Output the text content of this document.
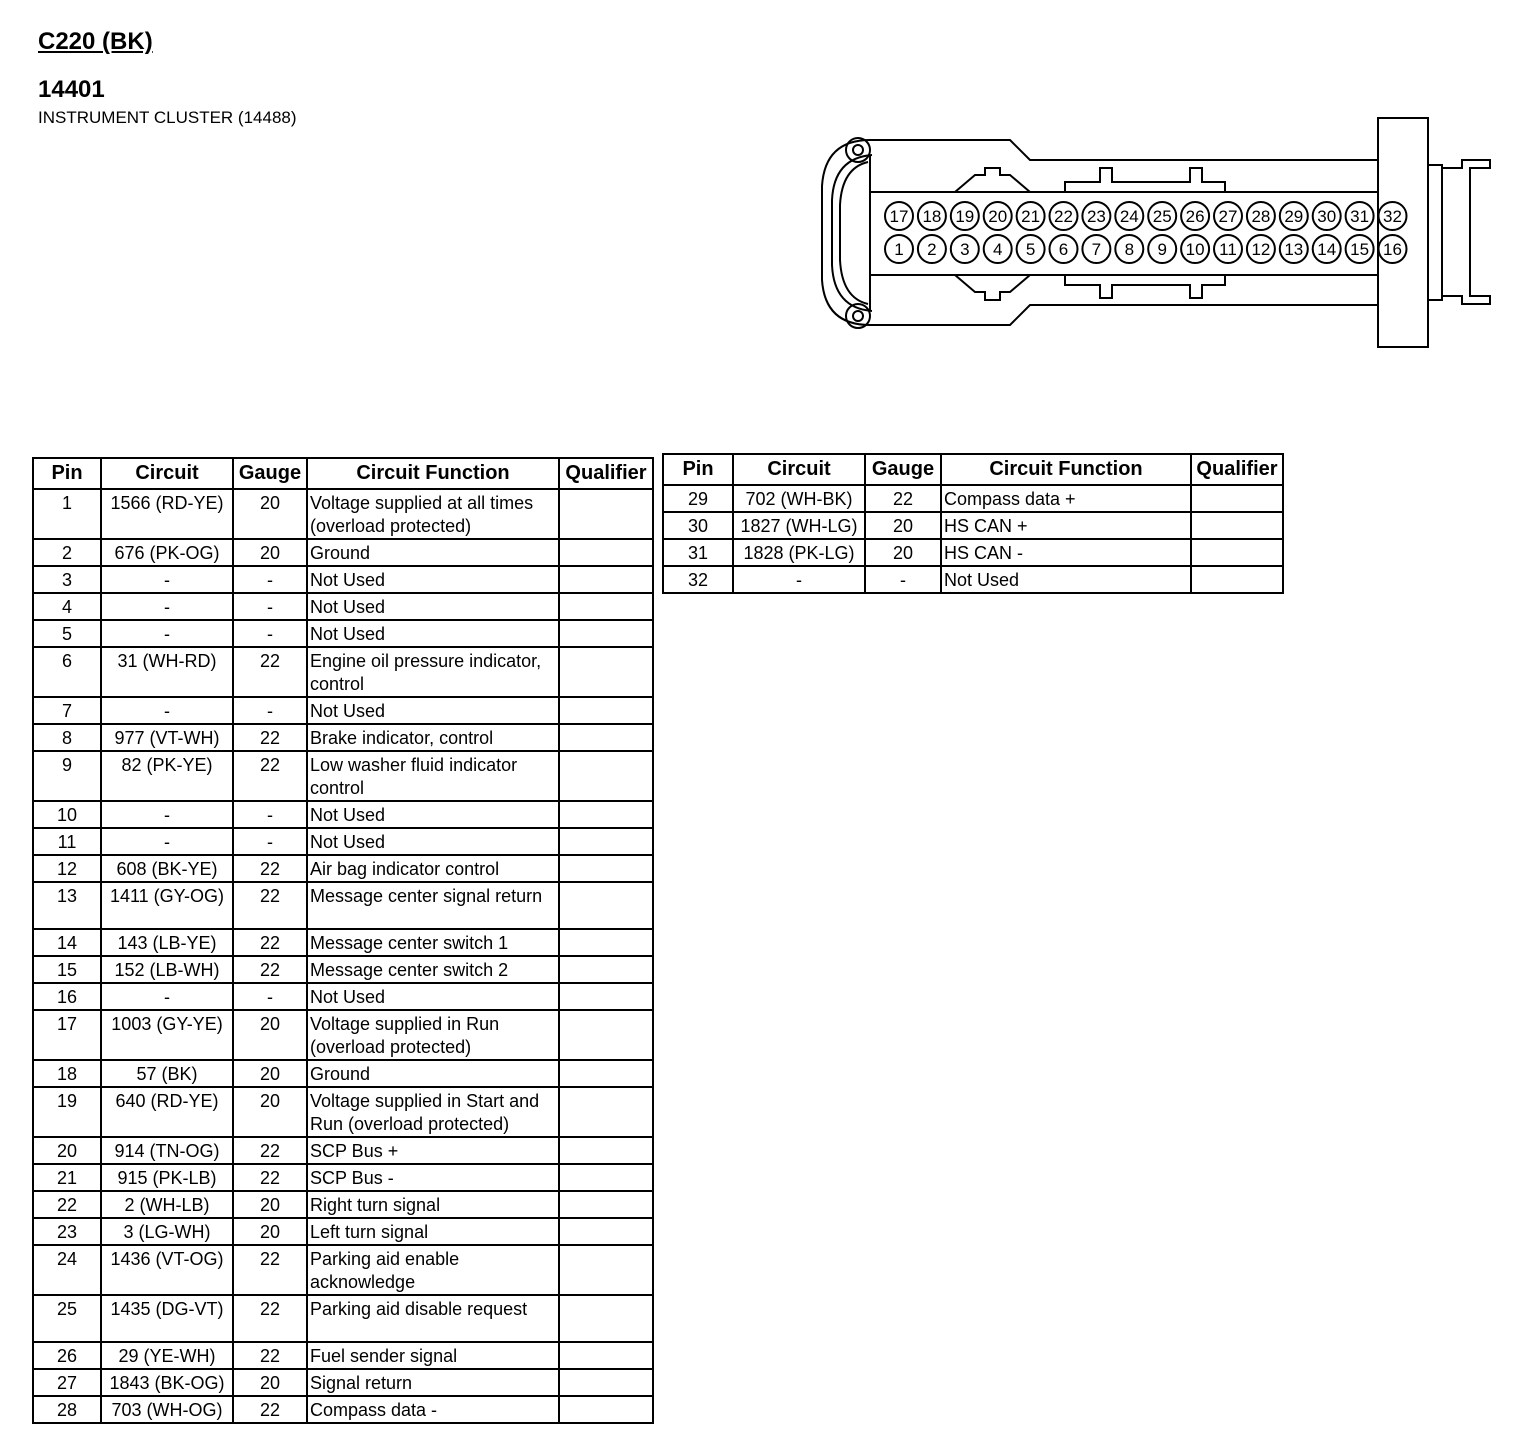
C220 (BK)
14401
INSTRUMENT CLUSTER (14488)
17 18 19 20 21 22 23 24 25 26 27 28 29 30 31 32
1 2 3 4 5 6 7 8 9 10 11 12 13 14 15 16
Pin	Circuit	Gauge	Circuit Function	Qualifier
1	1566 (RD-YE)	20	Voltage supplied at all times (overload protected)	
2	676 (PK-OG)	20	Ground	
3	-	-	Not Used	
4	-	-	Not Used	
5	-	-	Not Used	
6	31 (WH-RD)	22	Engine oil pressure indicator, control	
7	-	-	Not Used	
8	977 (VT-WH)	22	Brake indicator, control	
9	82 (PK-YE)	22	Low washer fluid indicator control	
10	-	-	Not Used	
11	-	-	Not Used	
12	608 (BK-YE)	22	Air bag indicator control	
13	1411 (GY-OG)	22	Message center signal return	
14	143 (LB-YE)	22	Message center switch 1	
15	152 (LB-WH)	22	Message center switch 2	
16	-	-	Not Used	
17	1003 (GY-YE)	20	Voltage supplied in Run (overload protected)	
18	57 (BK)	20	Ground	
19	640 (RD-YE)	20	Voltage supplied in Start and Run (overload protected)	
20	914 (TN-OG)	22	SCP Bus +	
21	915 (PK-LB)	22	SCP Bus -	
22	2 (WH-LB)	20	Right turn signal	
23	3 (LG-WH)	20	Left turn signal	
24	1436 (VT-OG)	22	Parking aid enable acknowledge	
25	1435 (DG-VT)	22	Parking aid disable request	
26	29 (YE-WH)	22	Fuel sender signal	
27	1843 (BK-OG)	20	Signal return	
28	703 (WH-OG)	22	Compass data -	
Pin	Circuit	Gauge	Circuit Function	Qualifier
29	702 (WH-BK)	22	Compass data +	
30	1827 (WH-LG)	20	HS CAN +	
31	1828 (PK-LG)	20	HS CAN -	
32	-	-	Not Used	
